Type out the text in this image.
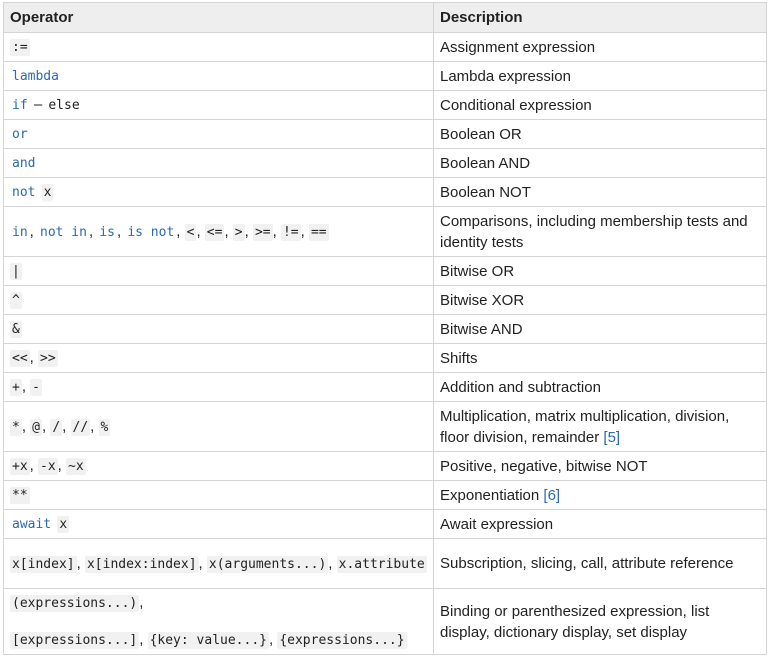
Operator	Description
:=	Assignment expression
lambda	Lambda expression
if – else	Conditional expression
or	Boolean OR
and	Boolean AND
not x	Boolean NOT
in , not in , is , is not , < , <= , > , >= , != , ==	Comparisons, including membership tests and identity tests
|	Bitwise OR
^	Bitwise XOR
&	Bitwise AND
<< , >>	Shifts
+ , -	Addition and subtraction
* , @ , / , // , %	Multiplication, matrix multiplication, division, floor division, remainder [5]
+x , -x , ~x	Positive, negative, bitwise NOT
**	Exponentiation [6]
await x	Await expression
x[index] , x[index:index] , x(arguments...) , x.attribute	Subscription, slicing, call, attribute reference

(expressions...) ,
[expressions...] , {key: value...} , {expressions...}	Binding or parenthesized expression, list display, dictionary display, set display
